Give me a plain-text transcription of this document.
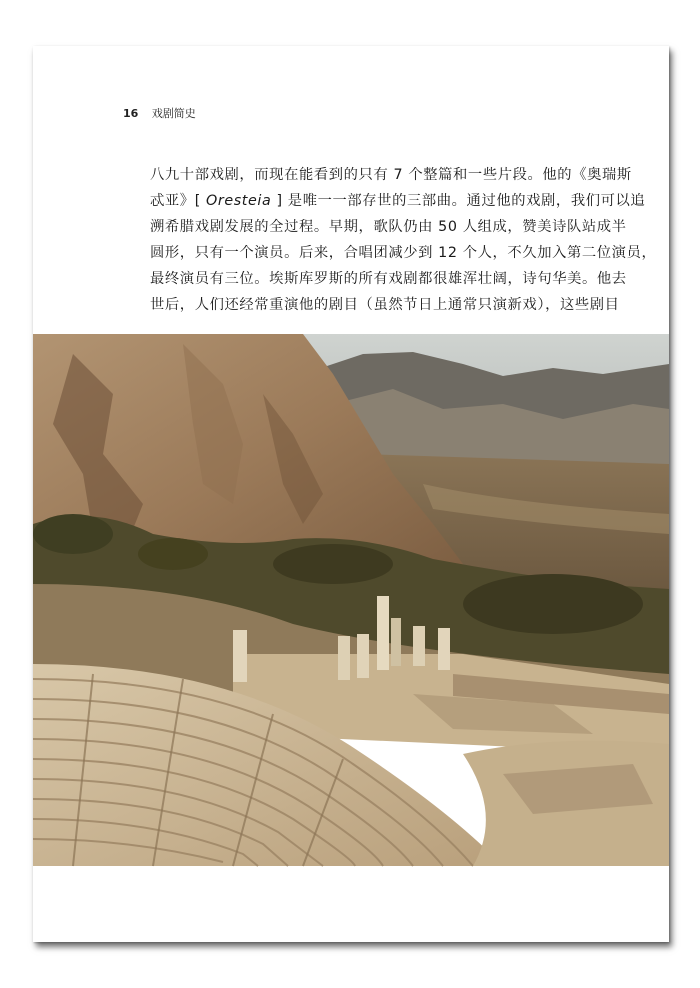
16 戏剧简史
八九十部戏剧，而现在能看到的只有 7 个整篇和一些片段。他的《奥瑞斯
忒亚》[ Oresteia ] 是唯一一部存世的三部曲。通过他的戏剧，我们可以追
溯希腊戏剧发展的全过程。早期，歌队仍由 50 人组成，赞美诗队站成半
圆形，只有一个演员。后来，合唱团减少到 12 个人，不久加入第二位演员，
最终演员有三位。埃斯库罗斯的所有戏剧都很雄浑壮阔，诗句华美。他去
世后，人们还经常重演他的剧目（虽然节日上通常只演新戏），这些剧目
